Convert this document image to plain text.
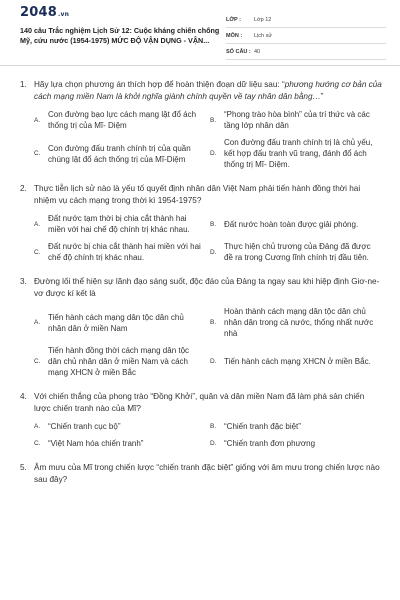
2048.vn
140 câu Trắc nghiệm Lịch Sử 12: Cuộc kháng chiến chống Mỹ, cứu nước (1954-1975) MỨC ĐỘ VẬN DỤNG - VẬN...
LỚP :	Lớp 12
MÔN :	Lịch sử
SỐ CÂU : 40
1. Hãy lựa chọn phương án thích hợp để hoàn thiện đoạn dữ liệu sau: “phương hướng cơ bản của cách mạng miền Nam là khởi nghĩa giành chính quyền về tay nhân dân bằng…”
A.
Con đường bạo lực cách mạng lật đổ ách thống trị của Mĩ- Diệm
B.
“Phong trào hòa bình” của trí thức và các tầng lớp nhân dân
C.
Con đường đấu tranh chính trị của quần chúng lật đổ ách thống trị của Mĩ-Diệm
D.
Con đường đấu tranh chính trị là chủ yếu, kết hợp đấu tranh vũ trang, đánh đổ ách thống trị Mĩ- Diệm.
2. Thực tiễn lịch sử nào là yếu tố quyết định nhân dân Việt Nam phải tiến hành đồng thời hai nhiệm vụ cách mạng trong thời kì 1954-1975?
A.
Đất nước tạm thời bị chia cắt thành hai miền với hai chế độ chính trị khác nhau.
B. Đất nước hoàn toàn được giải phóng.
C.
Đất nước bị chia cắt thành hai miền với hai chế độ chính trị khác nhau.
D.
Thực hiện chủ trương của Đảng đã được đề ra trong Cương lĩnh chính trị đầu tiên.
3. Đường lối thể hiện sự lãnh đạo sáng suốt, độc đáo của Đảng ta ngay sau khi hiệp định Giơ-ne-vơ được kí kết là
A.
Tiến hành cách mạng dân tộc dân chủ nhân dân ở miền Nam
B.
Hoàn thành cách mạng dân tộc dân chủ nhân dân trong cả nước, thống nhất nước nhà
C.
Tiến hành đồng thời cách mạng dân tộc dân chủ nhân dân ở miền Nam và cách mạng XHCN ở miền Bắc
D. Tiến hành cách mạng XHCN ở miền Bắc.
4. Với chiến thắng của phong trào “Đồng Khởi”, quân và dân miền Nam đã làm phá sản chiến lược chiến tranh nào của Mĩ?
A. “Chiến tranh cục bộ”	B. “Chiến tranh đặc biệt”
C. “Việt Nam hóa chiến tranh”	D. “Chiến tranh đơn phương
5. Âm mưu của Mĩ trong chiến lược “chiến tranh đặc biệt” giống với âm mưu trong chiến lược nào sau đây?
